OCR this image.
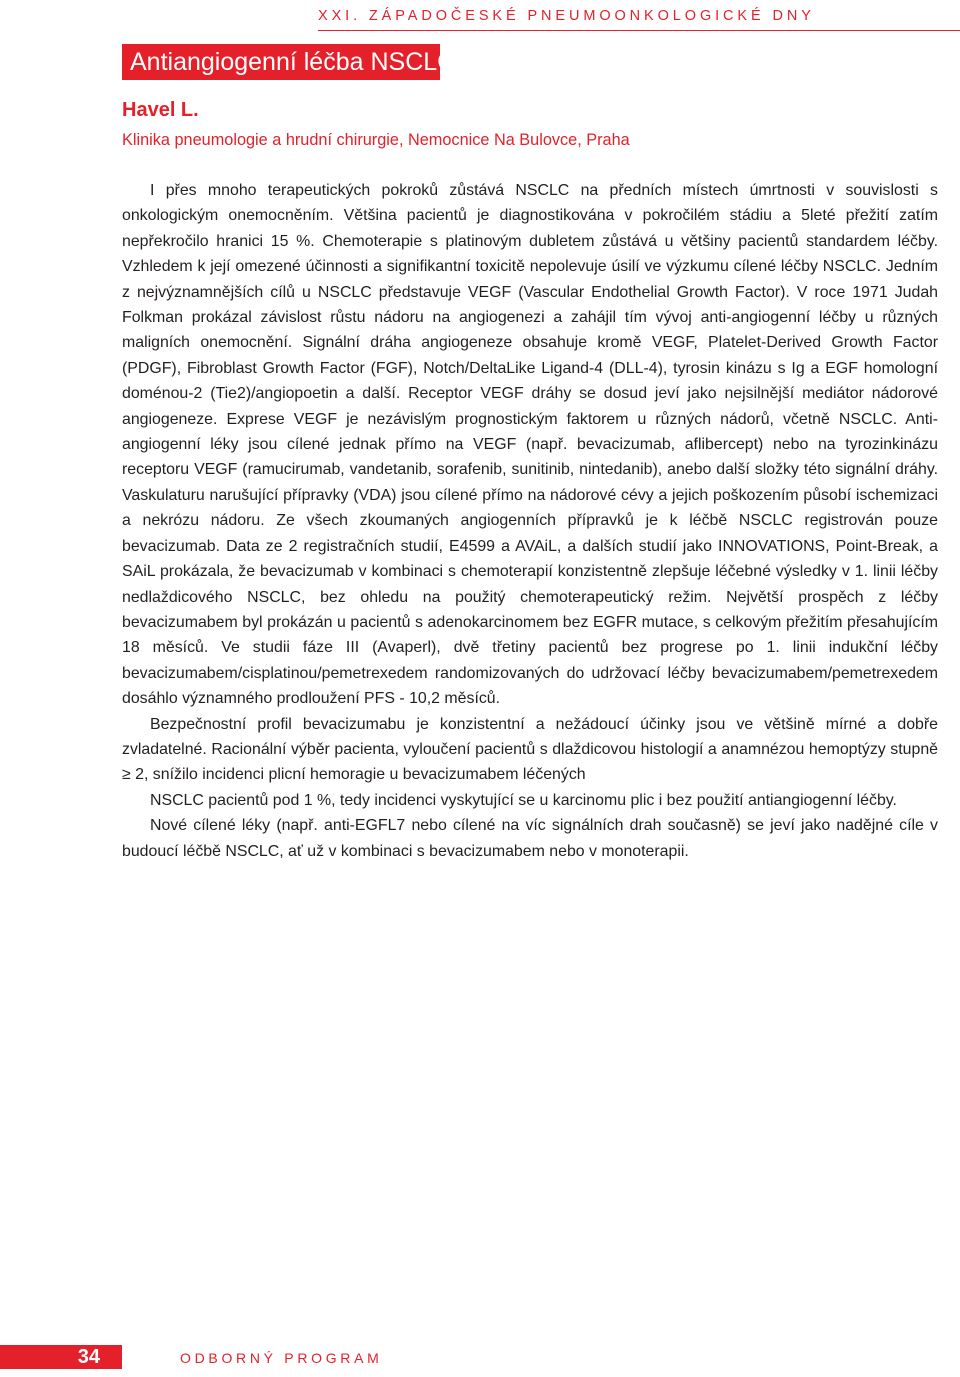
XXI. ZÁPADOČESKÉ PNEUMOONKOLOGICKÉ DNY
Antiangiogenní léčba NSCLC
Havel L.
Klinika pneumologie a hrudní chirurgie, Nemocnice Na Bulovce, Praha

I přes mnoho terapeutických pokroků zůstává NSCLC na předních místech úmrtnosti v souvislosti s onkologickým onemocněním. Většina pacientů je diagnostikována v pokročilém stádiu a 5leté přežití zatím nepřekročilo hranici 15 %. Chemoterapie s platinovým dubletem zůstává u většiny pacientů standardem léčby. Vzhledem k její omezené účinnosti a signifikantní toxicitě nepolevuje úsilí ve výzkumu cílené léčby NSCLC. Jedním z nejvýznamnějších cílů u NSCLC představuje VEGF (Vascular Endothelial Growth Factor). V roce 1971 Judah Folkman prokázal závislost růstu nádoru na angiogenezi a zahájil tím vývoj anti-angiogenní léčby u různých maligních onemocnění. Signální dráha angiogeneze obsahuje kromě VEGF, Platelet-Derived Growth Factor (PDGF), Fibroblast Growth Factor (FGF), Notch/DeltaLike Ligand-4 (DLL-4), tyrosin kinázu s Ig a EGF homologní doménou-2 (Tie2)/angiopoetin a další. Receptor VEGF dráhy se dosud jeví jako nejsilnější mediátor nádorové angiogeneze. Exprese VEGF je nezávislým prognostickým faktorem u různých nádorů, včetně NSCLC. Anti-angiogenní léky jsou cílené jednak přímo na VEGF (např. bevacizumab, aflibercept) nebo na tyrozinkinázu receptoru VEGF (ramucirumab, vandetanib, sorafenib, sunitinib, nintedanib), anebo další složky této signální dráhy. Vaskulaturu narušující přípravky (VDA) jsou cílené přímo na nádorové cévy a jejich poškozením působí ischemizaci a nekrózu nádoru. Ze všech zkoumaných angiogenních přípravků je k léčbě NSCLC registrován pouze bevacizumab. Data ze 2 registračních studií, E4599 a AVAiL, a dalších studií jako INNOVATIONS, Point-Break, a SAiL prokázala, že bevacizumab v kombinaci s chemoterapií konzistentně zlepšuje léčebné výsledky v 1. linii léčby nedlaždicového NSCLC, bez ohledu na použitý chemoterapeutický režim. Největší prospěch z léčby bevacizumabem byl prokázán u pacientů s adenokarcinomem bez EGFR mutace, s celkovým přežitím přesahujícím 18 měsíců. Ve studii fáze III (Avaperl), dvě třetiny pacientů bez progrese po 1. linii indukční léčby bevacizumabem/cisplatinou/pemetrexedem randomizovaných do udržovací léčby bevacizumabem/pemetrexedem dosáhlo významného prodloužení PFS - 10,2 měsíců.

Bezpečnostní profil bevacizumabu je konzistentní a nežádoucí účinky jsou ve většině mírné a dobře zvladatelné. Racionální výběr pacienta, vyloučení pacientů s dlaždicovou histologií a anamnézou hemoptýzy stupně ≥ 2, snížilo incidenci plicní hemoragie u bevacizumabem léčených

NSCLC pacientů pod 1 %, tedy incidenci vyskytující se u karcinomu plic i bez použití antiangiogenní léčby.

Nové cílené léky (např. anti-EGFL7 nebo cílené na víc signálních drah současně) se jeví jako nadějné cíle v budoucí léčbě NSCLC, ať už v kombinaci s bevacizumabem nebo v monoterapii.

34	ODBORNÝ PROGRAM
